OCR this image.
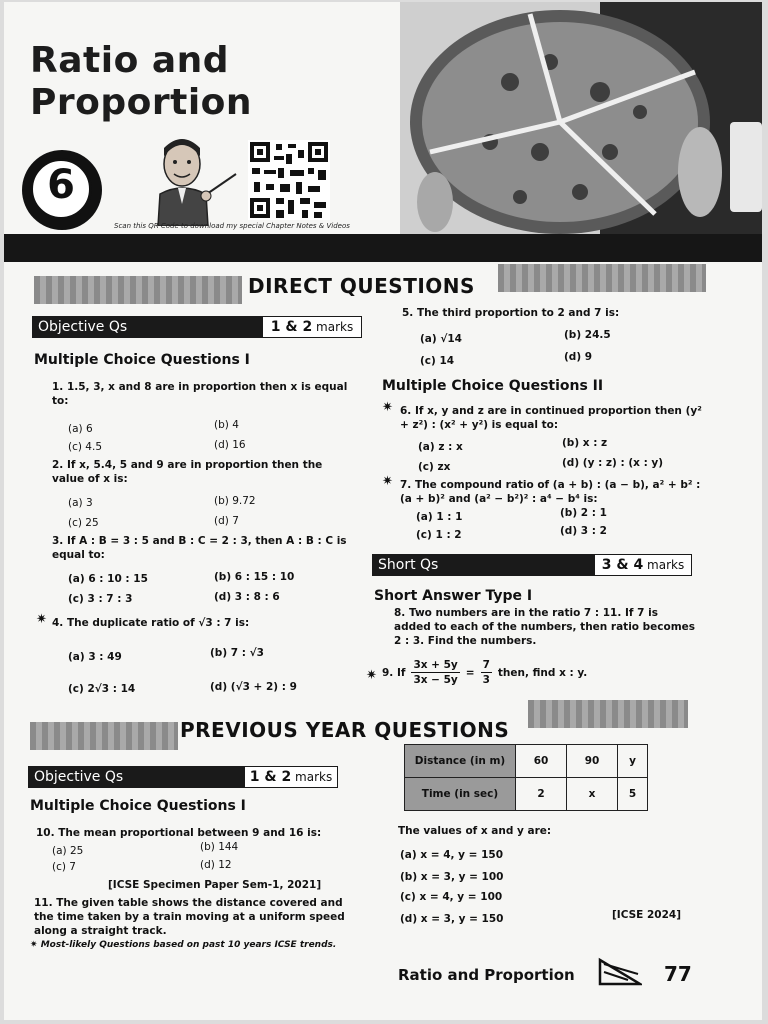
Ratio and
Proportion
6
Scan this QR Code to download my special Chapter Notes & Videos
DIRECT QUESTIONS
Objective Qs	1 & 2 marks
Multiple Choice Questions I
1. 1.5, 3, x and 8 are in proportion then x is equal to:
(a) 6	(b) 4
(c) 4.5	(d) 16
2. If x, 5.4, 5 and 9 are in proportion then the value of x is:
(a) 3	(b) 9.72
(c) 25	(d) 7
3. If A : B = 3 : 5 and B : C = 2 : 3, then A : B : C is equal to:
(a) 6 : 10 : 15	(b) 6 : 15 : 10
(c) 3 : 7 : 3	(d) 3 : 8 : 6
✷ 4. The duplicate ratio of √3 : 7 is:
(a) 3 : 49	(b) 7 : √3
(c) 2√3 : 14	(d) (√3 + 2) : 9
5. The third proportion to 2 and 7 is:
(a) √14	(b) 24.5
(c) 14	(d) 9
Multiple Choice Questions II
✷ 6. If x, y and z are in continued proportion then (y² + z²) : (x² + y²) is equal to:
(a) z : x	(b) x : z
(c) zx	(d) (y : z) : (x : y)
✷ 7. The compound ratio of (a + b) : (a − b), a² + b² : (a + b)² and (a² − b²)² : a⁴ − b⁴ is:
(a) 1 : 1	(b) 2 : 1
(c) 1 : 2	(d) 3 : 2
Short Qs	3 & 4 marks
Short Answer Type I
8. Two numbers are in the ratio 7 : 11. If 7 is added to each of the numbers, then ratio becomes 2 : 3. Find the numbers.
✷ 9. If $\frac{3x + 5y}{3x - 5y} = \frac{7}{3}$ then, find x : y.
PREVIOUS YEAR QUESTIONS
Objective Qs	1 & 2 marks
Multiple Choice Questions I
10. The mean proportional between 9 and 16 is:
(a) 25	(b) 144
(c) 7	(d) 12
[ICSE Specimen Paper Sem-1, 2021]
11. The given table shows the distance covered and the time taken by a train moving at a uniform speed along a straight track.
✷ Most-likely Questions based on past 10 years ICSE trends.
Distance (in m)	60	90	y
Time (in sec)	2	x	5
The values of x and y are:
(a) x = 4, y = 150
(b) x = 3, y = 100
(c) x = 4, y = 100
(d) x = 3, y = 150	[ICSE 2024]
Ratio and Proportion	77
